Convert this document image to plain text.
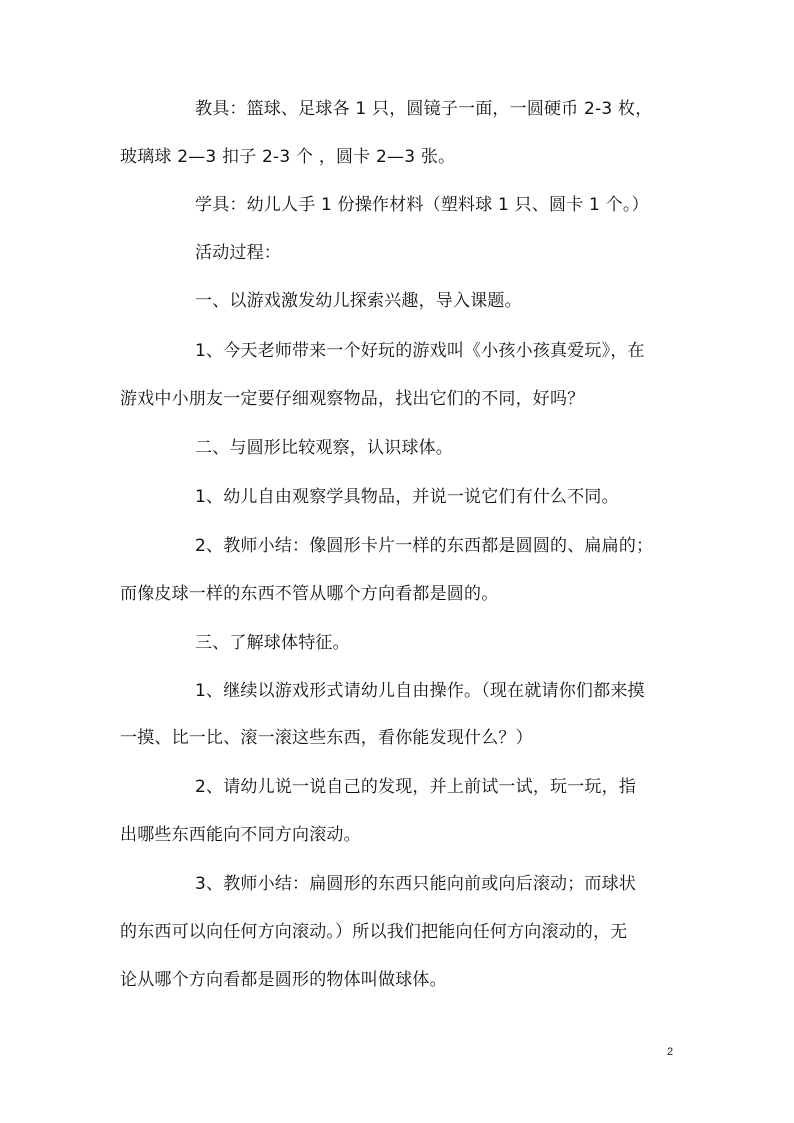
教具：篮球、足球各 1 只，圆镜子一面，一圆硬币 2-3 枚，
玻璃球 2—3 扣子 2-3 个 ，圆卡 2—3 张。
学具：幼儿人手 1 份操作材料（塑料球 1 只、圆卡 1 个。）
活动过程：
一、以游戏激发幼儿探索兴趣，导入课题。
1、今天老师带来一个好玩的游戏叫《小孩小孩真爱玩》，在
游戏中小朋友一定要仔细观察物品，找出它们的不同，好吗？
二、与圆形比较观察，认识球体。
1、幼儿自由观察学具物品，并说一说它们有什么不同。
2、教师小结：像圆形卡片一样的东西都是圆圆的、扁扁的；
而像皮球一样的东西不管从哪个方向看都是圆的。
三、了解球体特征。
1、继续以游戏形式请幼儿自由操作。（现在就请你们都来摸
一摸、比一比、滚一滚这些东西，看你能发现什么？）
2、请幼儿说一说自己的发现，并上前试一试，玩一玩，指
出哪些东西能向不同方向滚动。
3、教师小结：扁圆形的东西只能向前或向后滚动；而球状
的东西可以向任何方向滚动。）所以我们把能向任何方向滚动的，无
论从哪个方向看都是圆形的物体叫做球体。
2
